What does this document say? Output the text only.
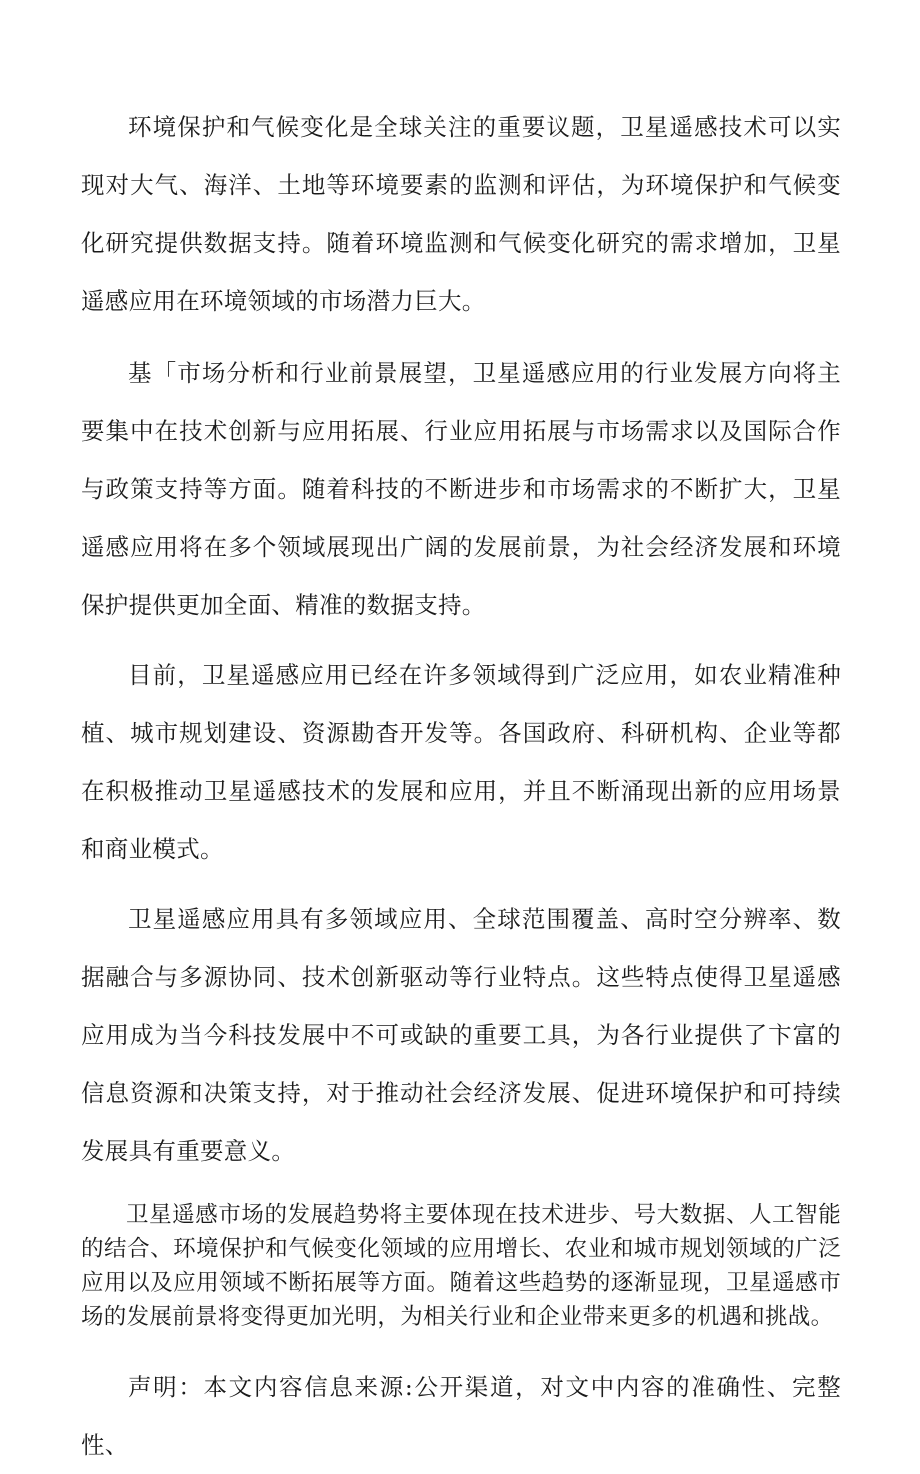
环境保护和气候变化是全球关注的重要议题，卫星遥感技术可以实现对大气、海洋、土地等环境要素的监测和评估，为环境保护和气候变化研究提供数据支持。随着环境监测和气候变化研究的需求增加，卫星遥感应用在环境领域的市场潜力巨大。

基「市场分析和行业前景展望，卫星遥感应用的行业发展方向将主要集中在技术创新与应用拓展、行业应用拓展与市场需求以及国际合作与政策支持等方面。随着科技的不断进步和市场需求的不断扩大，卫星遥感应用将在多个领域展现出广阔的发展前景，为社会经济发展和环境保护提供更加全面、精准的数据支持。

目前，卫星遥感应用已经在许多领域得到广泛应用，如农业精准种植、城市规划建设、资源勘杳开发等。各国政府、科研机构、企业等都在积极推动卫星遥感技术的发展和应用，并且不断涌现出新的应用场景和商业模式。

卫星遥感应用具有多领域应用、全球范围覆盖、高时空分辨率、数据融合与多源协同、技术创新驱动等行业特点。这些特点使得卫星遥感应用成为当今科技发展中不可或缺的重要工具，为各行业提供了卞富的信息资源和决策支持，对于推动社会经济发展、促进环境保护和可持续发展具有重要意义。

卫星遥感市场的发展趋势将主要体现在技术进步、号大数据、人工智能的结合、环境保护和气候变化领域的应用增长、农业和城市规划领域的广泛应用以及应用领域不断拓展等方面。随着这些趋势的逐渐显现，卫星遥感市场的发展前景将变得更加光明，为相关行业和企业带来更多的机遇和挑战。

声明：本文内容信息来源:公开渠道，对文中内容的准确性、完整性、
